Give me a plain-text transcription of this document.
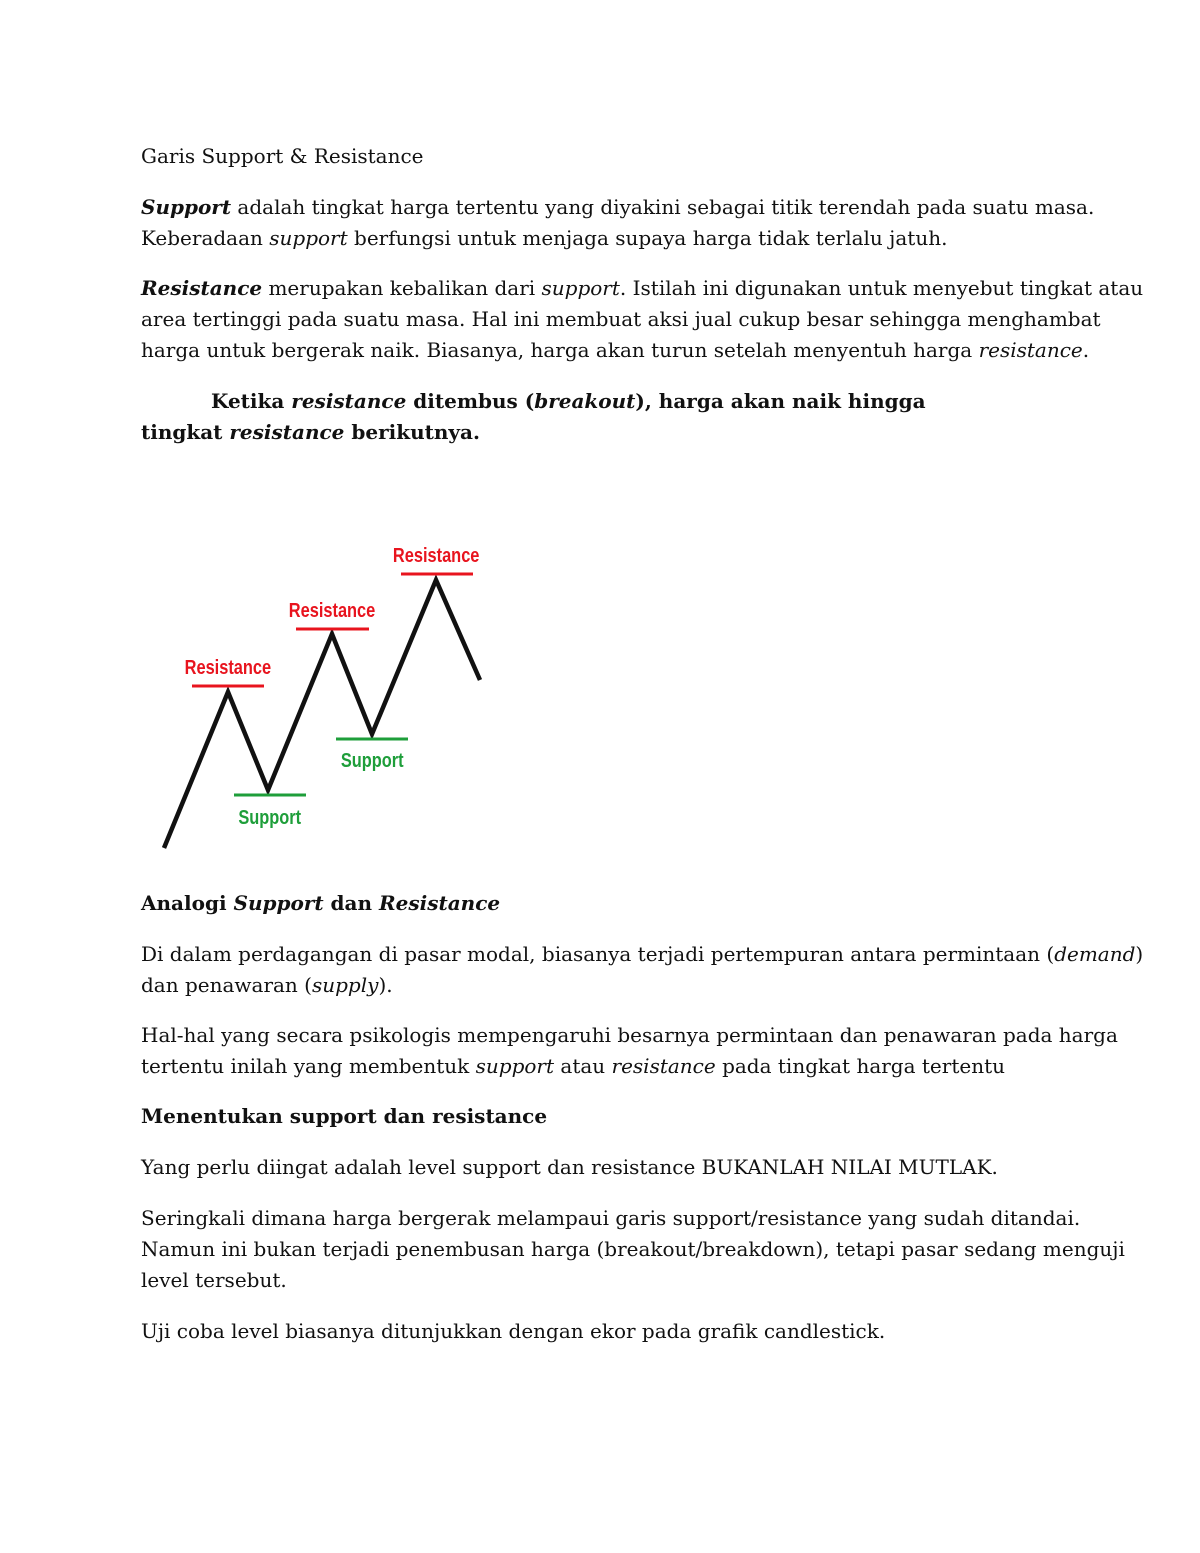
Garis Support & Resistance

Support adalah tingkat harga tertentu yang diyakini sebagai titik terendah pada suatu masa.

Keberadaan support berfungsi untuk menjaga supaya harga tidak terlalu jatuh.

Resistance merupakan kebalikan dari support. Istilah ini digunakan untuk menyebut tingkat atau

area tertinggi pada suatu masa. Hal ini membuat aksi jual cukup besar sehingga menghambat

harga untuk bergerak naik. Biasanya, harga akan turun setelah menyentuh harga resistance.

Ketika resistance ditembus (breakout), harga akan naik hingga

tingkat resistance berikutnya.

Analogi Support dan Resistance

Di dalam perdagangan di pasar modal, biasanya terjadi pertempuran antara permintaan (demand)

dan penawaran (supply).

Hal-hal yang secara psikologis mempengaruhi besarnya permintaan dan penawaran pada harga

tertentu inilah yang membentuk support atau resistance pada tingkat harga tertentu

Menentukan support dan resistance

Yang perlu diingat adalah level support dan resistance BUKANLAH NILAI MUTLAK.

Seringkali dimana harga bergerak melampaui garis support/resistance yang sudah ditandai.

Namun ini bukan terjadi penembusan harga (breakout/breakdown), tetapi pasar sedang menguji

level tersebut.

Uji coba level biasanya ditunjukkan dengan ekor pada grafik candlestick.

Resistance
Resistance
Resistance
Support
Support
